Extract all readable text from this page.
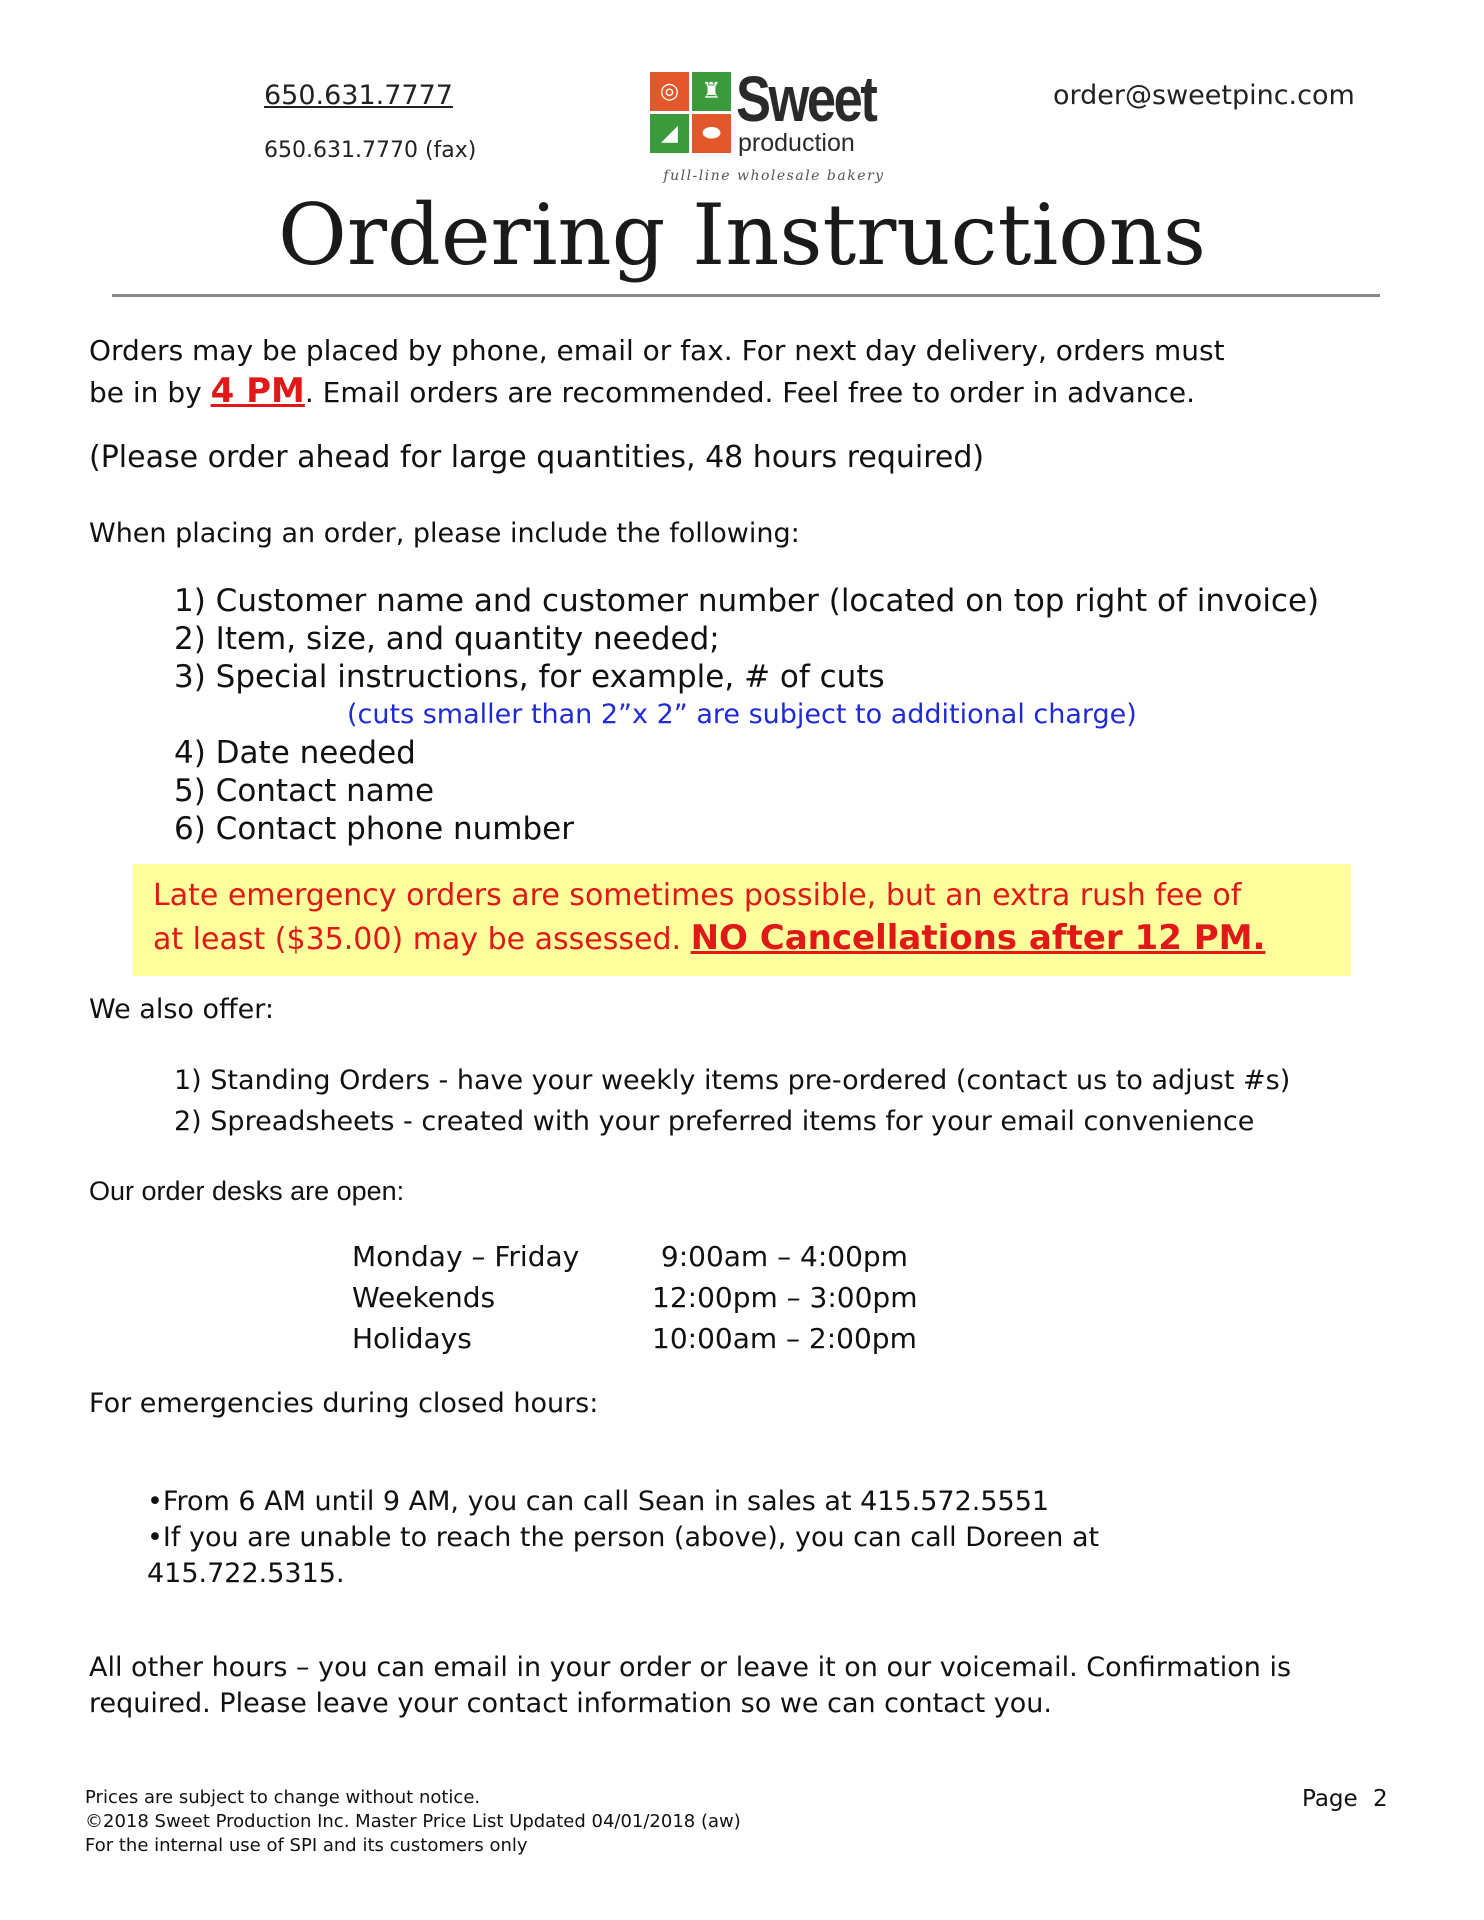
650.631.7777
650.631.7770 (fax)
order@sweetpinc.com
◎	♜
◢	⬬ Sweet
production
full-line wholesale bakery
Ordering Instructions
Orders may be placed by phone, email or fax. For next day delivery, orders must
be in by 4 PM. Email orders are recommended. Feel free to order in advance.
(Please order ahead for large quantities, 48 hours required)
When placing an order, please include the following:
1) Customer name and customer number (located on top right of invoice)
2) Item, size, and quantity needed;
3) Special instructions, for example, # of cuts
(cuts smaller than 2”x 2” are subject to additional charge)
4) Date needed
5) Contact name
6) Contact phone number
Late emergency orders are sometimes possible, but an extra rush fee of
at least ($35.00) may be assessed. NO Cancellations after 12 PM.
We also offer:
1) Standing Orders - have your weekly items pre-ordered (contact us to adjust #s)
2) Spreadsheets - created with your preferred items for your email convenience
Our order desks are open:
Monday – Friday	9:00am – 4:00pm
Weekends	12:00pm – 3:00pm
Holidays	10:00am – 2:00pm
For emergencies during closed hours:
•From 6 AM until 9 AM, you can call Sean in sales at 415.572.5551
•If you are unable to reach the person (above), you can call Doreen at 415.722.5315.
All other hours – you can email in your order or leave it on our voicemail. Confirmation is required. Please leave your contact information so we can contact you.
Prices are subject to change without notice.
©2018 Sweet Production Inc. Master Price List Updated 04/01/2018 (aw)
For the internal use of SPI and its customers only
Page 2
